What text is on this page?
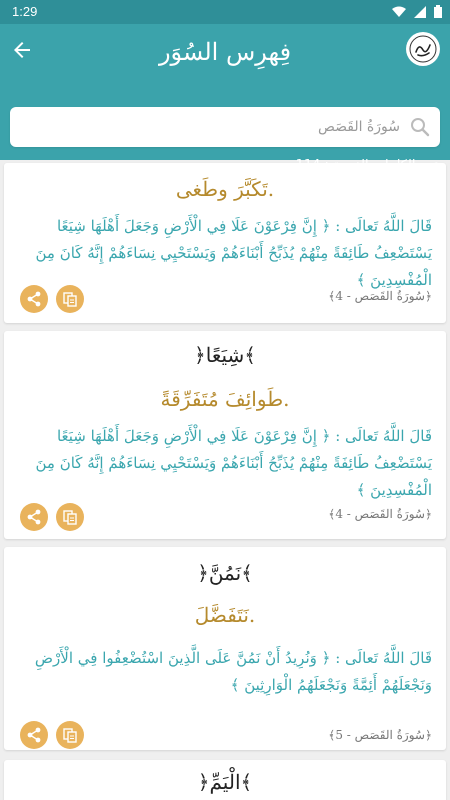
1:29
فِهرِس السُوَر
سُورَةُ القَصَص
تَكَبَّرَ وطَغى.
قَالَ اللَّهُ تَعالَى : ﴿ إِنَّ فِرْعَوْنَ عَلَا فِي الْأَرْضِ وَجَعَلَ أَهْلَهَا شِيَعًا يَسْتَضْعِفُ طَائِفَةً مِنْهُمْ يُذَبِّحُ أَبْنَاءَهُمْ وَيَسْتَحْيِي نِسَاءَهُمْ إِنَّهُ كَانَ مِنَ الْمُفْسِدِينَ ﴾
﴿سُورَةُ القَصَص - 4﴾
﴿شِيَعًا﴾
طَوائِفَ مُتَفَرِّقَةً.
قَالَ اللَّهُ تَعالَى : ﴿ إِنَّ فِرْعَوْنَ عَلَا فِي الْأَرْضِ وَجَعَلَ أَهْلَهَا شِيَعًا يَسْتَضْعِفُ طَائِفَةً مِنْهُمْ يُذَبِّحُ أَبْنَاءَهُمْ وَيَسْتَحْيِي نِسَاءَهُمْ إِنَّهُ كَانَ مِنَ الْمُفْسِدِينَ ﴾
﴿سُورَةُ القَصَص - 4﴾
﴿نَمُنَّ﴾
نَتَفَضَّلَ.
قَالَ اللَّهُ تَعالَى : ﴿ وَنُرِيدُ أَنْ نَمُنَّ عَلَى الَّذِينَ اسْتُضْعِفُوا فِي الْأَرْضِ وَنَجْعَلَهُمْ أَئِمَّةً وَنَجْعَلَهُمُ الْوَارِثِينَ ﴾
﴿سُورَةُ القَصَص - 5﴾
﴿الْيَمِّ﴾
